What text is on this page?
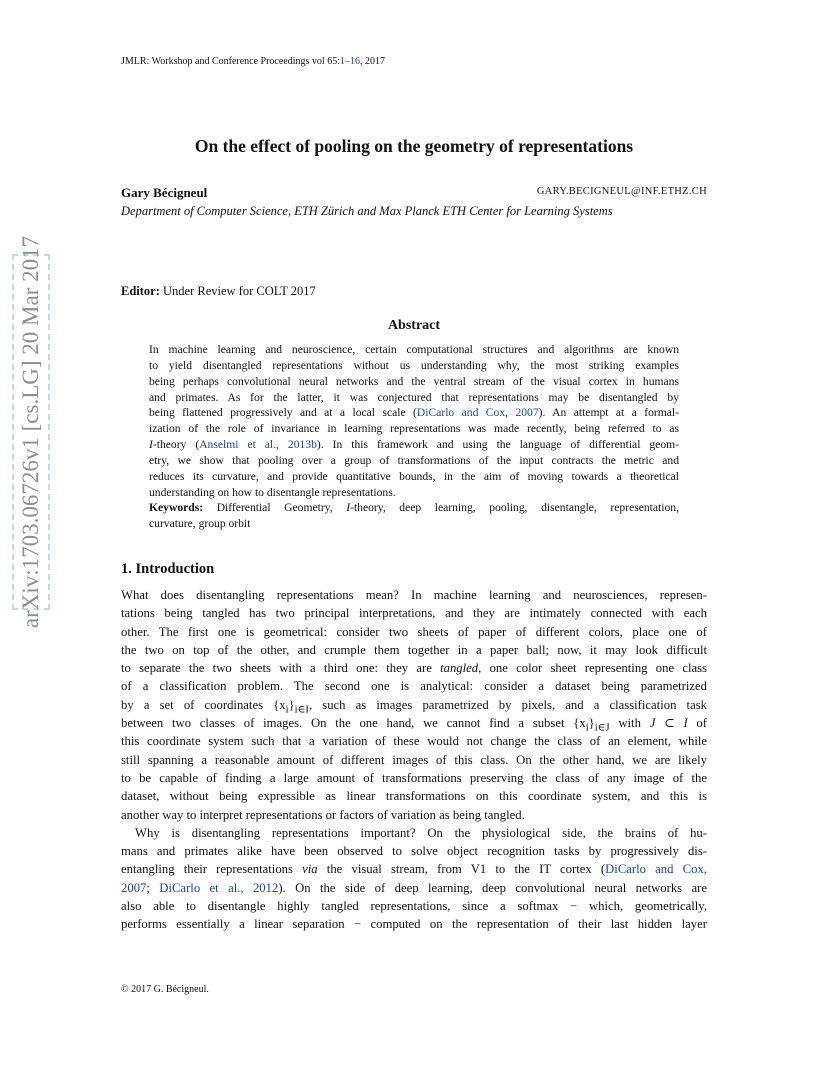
arXiv:1703.06726v1 [cs.LG] 20 Mar 2017
JMLR: Workshop and Conference Proceedings vol 65:1–16, 2017
On the effect of pooling on the geometry of representations
Gary Bécigneul	GARY.BECIGNEUL@INF.ETHZ.CH
Department of Computer Science, ETH Zürich and Max Planck ETH Center for Learning Systems
Editor: Under Review for COLT 2017
Abstract
In machine learning and neuroscience, certain computational structures and algorithms are known
to yield disentangled representations without us understanding why, the most striking examples
being perhaps convolutional neural networks and the ventral stream of the visual cortex in humans
and primates. As for the latter, it was conjectured that representations may be disentangled by
being flattened progressively and at a local scale (DiCarlo and Cox, 2007). An attempt at a formal-
ization of the role of invariance in learning representations was made recently, being referred to as
I-theory (Anselmi et al., 2013b). In this framework and using the language of differential geom-
etry, we show that pooling over a group of transformations of the input contracts the metric and
reduces its curvature, and provide quantitative bounds, in the aim of moving towards a theoretical
understanding on how to disentangle representations.
Keywords: Differential Geometry, I-theory, deep learning, pooling, disentangle, representation,
curvature, group orbit
1. Introduction
What does disentangling representations mean? In machine learning and neurosciences, represen-
tations being tangled has two principal interpretations, and they are intimately connected with each
other. The first one is geometrical: consider two sheets of paper of different colors, place one of
the two on top of the other, and crumple them together in a paper ball; now, it may look difficult
to separate the two sheets with a third one: they are tangled, one color sheet representing one class
of a classification problem. The second one is analytical: consider a dataset being parametrized
by a set of coordinates $\{x_i\}_{i\in I}$, such as images parametrized by pixels, and a classification task
between two classes of images. On the one hand, we cannot find a subset $\{x_i\}_{i\in J}$ with J ⊂ I of
this coordinate system such that a variation of these would not change the class of an element, while
still spanning a reasonable amount of different images of this class. On the other hand, we are likely
to be capable of finding a large amount of transformations preserving the class of any image of the
dataset, without being expressible as linear transformations on this coordinate system, and this is
another way to interpret representations or factors of variation as being tangled.
Why is disentangling representations important? On the physiological side, the brains of hu-
mans and primates alike have been observed to solve object recognition tasks by progressively dis-
entangling their representations via the visual stream, from V1 to the IT cortex (DiCarlo and Cox,
2007; DiCarlo et al., 2012). On the side of deep learning, deep convolutional neural networks are
also able to disentangle highly tangled representations, since a softmax − which, geometrically,
performs essentially a linear separation − computed on the representation of their last hidden layer
© 2017 G. Bécigneul.
